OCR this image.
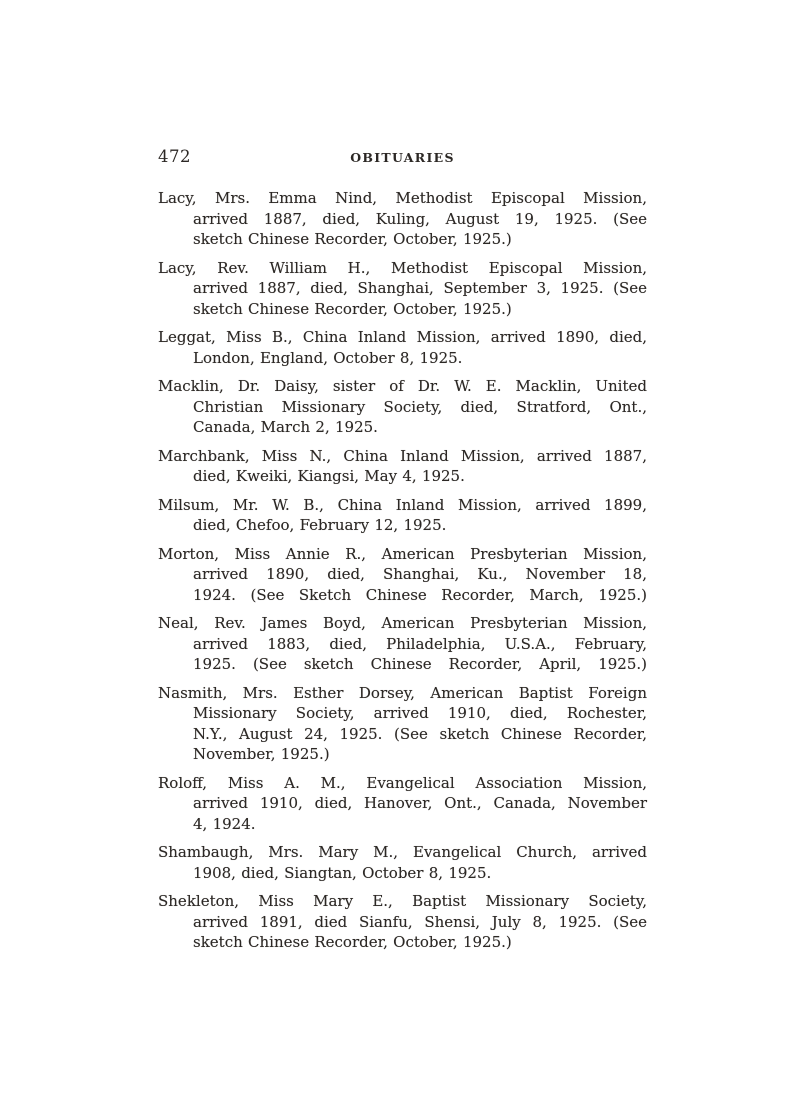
472	OBITUARIES
Lacy, Mrs. Emma Nind, Methodist Episcopal Mission,
arrived 1887, died, Kuling, August 19, 1925. (See
sketch Chinese Recorder, October, 1925.)
Lacy, Rev. William H., Methodist Episcopal Mission,
arrived 1887, died, Shanghai, September 3, 1925. (See
sketch Chinese Recorder, October, 1925.)
Leggat, Miss B., China Inland Mission, arrived 1890, died,
London, England, October 8, 1925.
Macklin, Dr. Daisy, sister of Dr. W. E. Macklin, United
Christian Missionary Society, died, Stratford, Ont.,
Canada, March 2, 1925.
Marchbank, Miss N., China Inland Mission, arrived 1887,
died, Kweiki, Kiangsi, May 4, 1925.
Milsum, Mr. W. B., China Inland Mission, arrived 1899,
died, Chefoo, February 12, 1925.
Morton, Miss Annie R., American Presbyterian Mission,
arrived 1890, died, Shanghai, Ku., November 18,
1924. (See Sketch Chinese Recorder, March, 1925.)
Neal, Rev. James Boyd, American Presbyterian Mission,
arrived 1883, died, Philadelphia, U.S.A., February,
1925. (See sketch Chinese Recorder, April, 1925.)
Nasmith, Mrs. Esther Dorsey, American Baptist Foreign
Missionary Society, arrived 1910, died, Rochester,
N.Y., August 24, 1925. (See sketch Chinese Recorder,
November, 1925.)
Roloff, Miss A. M., Evangelical Association Mission,
arrived 1910, died, Hanover, Ont., Canada, November
4, 1924.
Shambaugh, Mrs. Mary M., Evangelical Church, arrived
1908, died, Siangtan, October 8, 1925.
Shekleton, Miss Mary E., Baptist Missionary Society,
arrived 1891, died Sianfu, Shensi, July 8, 1925. (See
sketch Chinese Recorder, October, 1925.)
